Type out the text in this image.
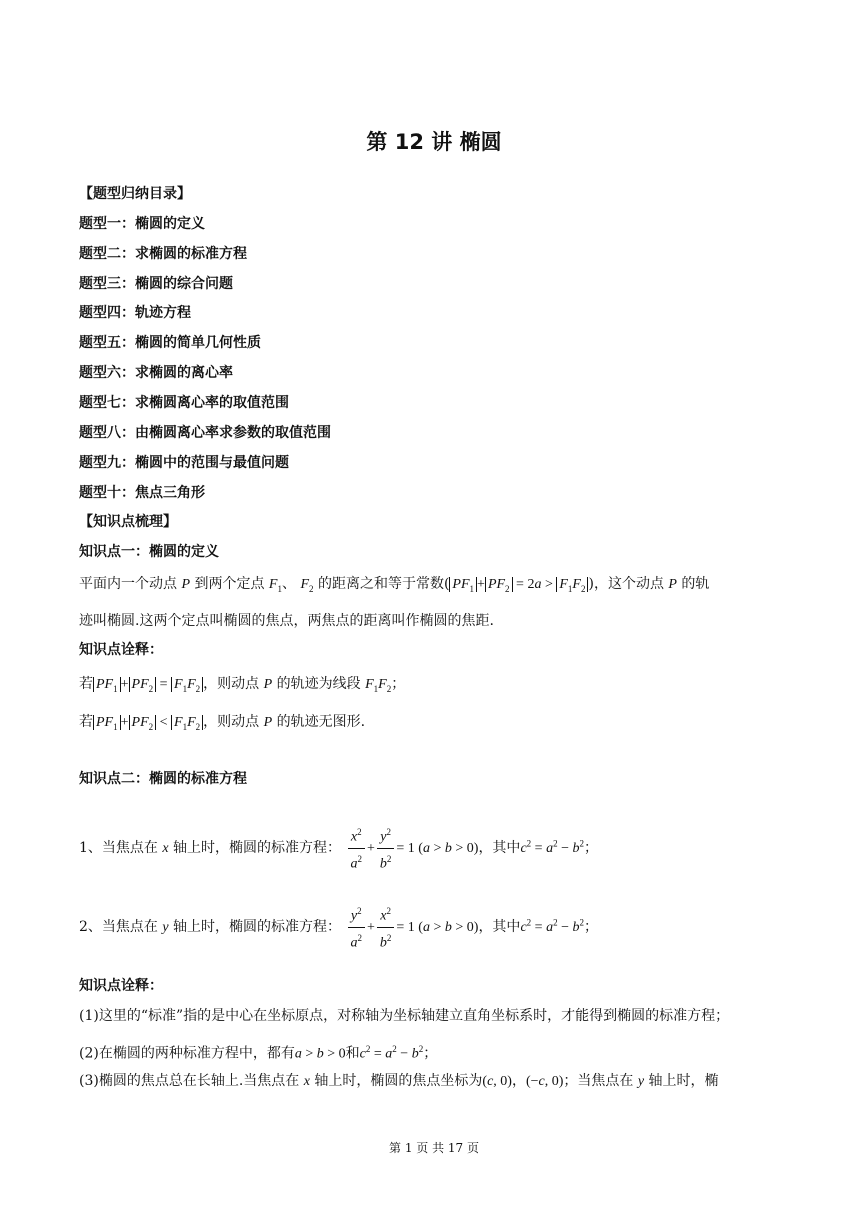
第 12 讲 椭圆
【题型归纳目录】
题型一：椭圆的定义
题型二：求椭圆的标准方程
题型三：椭圆的综合问题
题型四：轨迹方程
题型五：椭圆的简单几何性质
题型六：求椭圆的离心率
题型七：求椭圆离心率的取值范围
题型八：由椭圆离心率求参数的取值范围
题型九：椭圆中的范围与最值问题
题型十：焦点三角形
【知识点梳理】
知识点一：椭圆的定义
平面内一个动点 P 到两个定点 $F_1$、 $F_2$ 的距离之和等于常数( $PF_1 + PF_2 = 2a > F_1F_2$ )，这个动点 P 的轨
迹叫椭圆.这两个定点叫椭圆的焦点，两焦点的距离叫作椭圆的焦距.
知识点诠释：
若 $PF_1 + PF_2 = F_1F_2$ ，则动点 P 的轨迹为线段 $F_1F_2$；
若 $PF_1 + PF_2 < F_1F_2$ ，则动点 P 的轨迹无图形.
知识点二：椭圆的标准方程
1、当焦点在 x 轴上时，椭圆的标准方程： $\frac{x^2}{a^2} + \frac{y^2}{b^2} = 1$ (a > b > 0)，其中$c^2 = a^2 - b^2$；
2、当焦点在 y 轴上时，椭圆的标准方程： $\frac{y^2}{a^2} + \frac{x^2}{b^2} = 1$ (a > b > 0)，其中$c^2 = a^2 - b^2$；
知识点诠释：
(1)这里的“标准”指的是中心在坐标原点，对称轴为坐标轴建立直角坐标系时，才能得到椭圆的标准方程；
(2)在椭圆的两种标准方程中，都有a > b > 0和$c^2 = a^2 - b^2$；
(3)椭圆的焦点总在长轴上.当焦点在 x 轴上时，椭圆的焦点坐标为(c, 0)，(−c, 0)；当焦点在 y 轴上时，椭
第 1 页 共 17 页
